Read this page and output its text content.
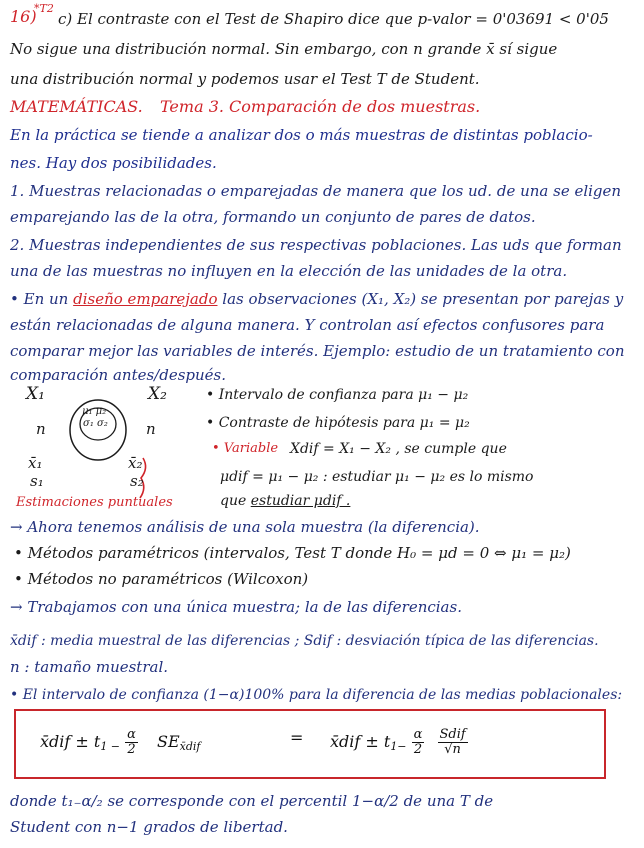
16)
*T2
c) El contraste con el Test de Shapiro dice que p-valor = 0'03691 < 0'05
No sigue una distribución normal. Sin embargo, con n grande x̄ sí sigue
una distribución normal y podemos usar el Test T de Student.
MATEMÁTICAS. Tema 3. Comparación de dos muestras.
En la práctica se tiende a analizar dos o más muestras de distintas poblacio-
nes. Hay dos posibilidades.
1. Muestras relacionadas o emparejadas de manera que los ud. de una se eligen
emparejando las de la otra, formando un conjunto de pares de datos.
2. Muestras independientes de sus respectivas poblaciones. Las uds que forman
una de las muestras no influyen en la elección de las unidades de la otra.
• En un diseño emparejado las observaciones (X₁, X₂) se presentan por parejas y
están relacionadas de alguna manera. Y controlan así efectos confusores para
comparar mejor las variables de interés. Ejemplo: estudio de un tratamiento con
comparación antes/después.
X₁	X₂
n	n
μ₁ μ₂
σ₁ σ₂
x̄₁	x̄₂
s₁	s₂
Estimaciones puntuales
• Intervalo de confianza para μ₁ − μ₂
• Contraste de hipótesis para μ₁ = μ₂
• Variable Xdif = X₁ − X₂ , se cumple que
μdif = μ₁ − μ₂ : estudiar μ₁ − μ₂ es lo mismo
que estudiar μdif .
→ Ahora tenemos análisis de una sola muestra (la diferencia).
• Métodos paramétricos (intervalos, Test T donde H₀ = μd = 0 ⇔ μ₁ = μ₂)
• Métodos no paramétricos (Wilcoxon)
→ Trabajamos con una única muestra; la de las diferencias.
x̄dif : media muestral de las diferencias ; Sdif : desviación típica de las diferencias.
n : tamaño muestral.
• El intervalo de confianza (1−α)100% para la diferencia de las medias poblacionales:
x̄dif ± $t_{1 -} \frac{\alpha}{2} SE_{x̄dif}$	= x̄dif ± $t_{1-} \frac{\alpha}{2}$
$\frac{\text{Sdif}}{√n}$
donde t₁₋α/₂ se corresponde con el percentil 1−α/2 de una T de
Student con n−1 grados de libertad.
